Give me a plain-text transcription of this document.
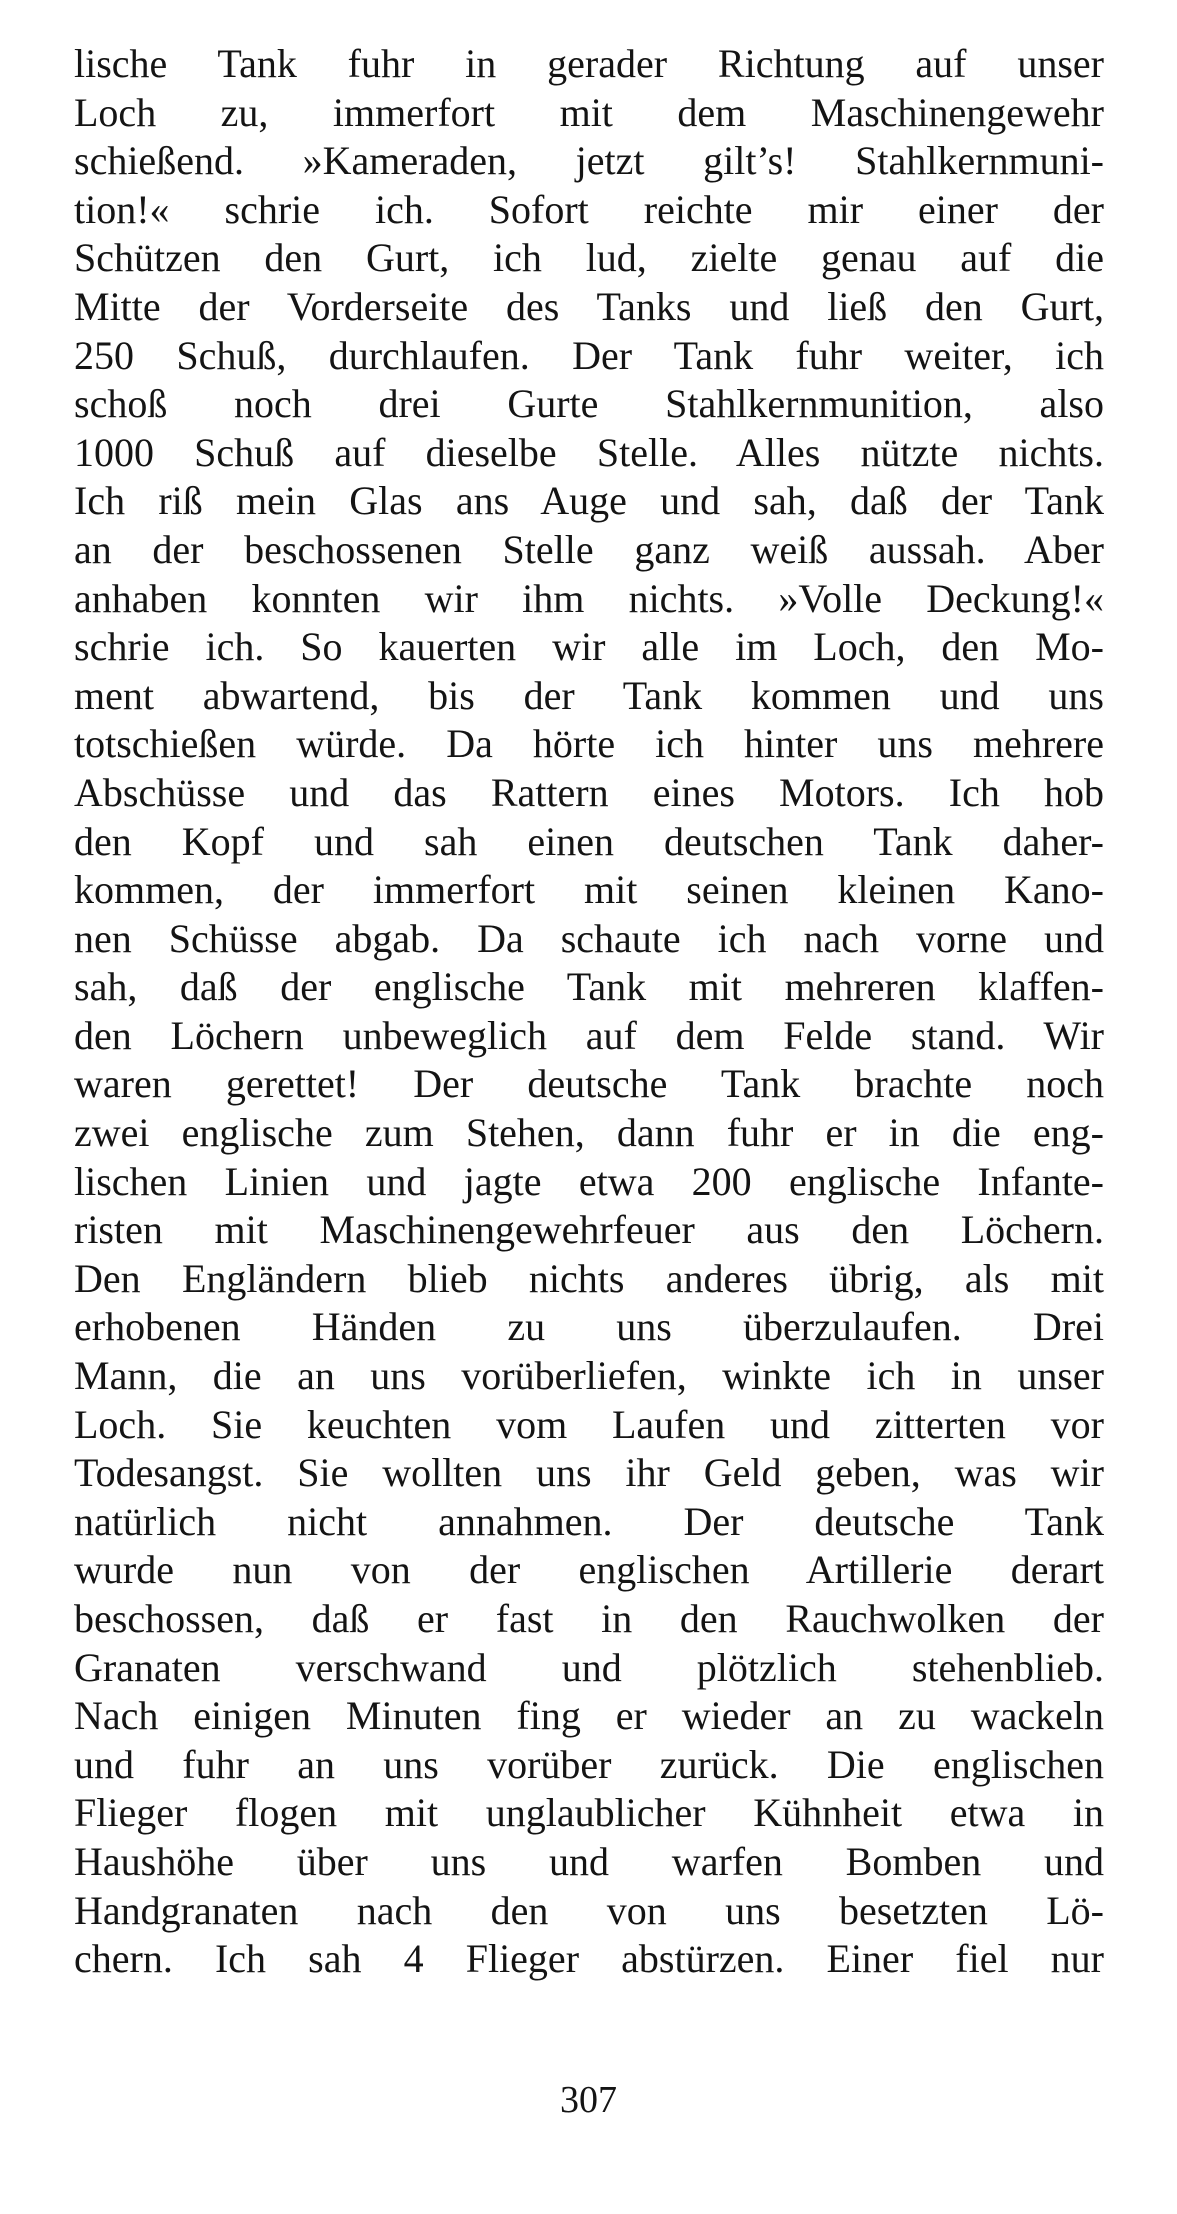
lische Tank fuhr in gerader Richtung auf unser
Loch zu, immerfort mit dem Maschinengewehr
schießend. »Kameraden, jetzt gilt’s! Stahlkernmuni-
tion!« schrie ich. Sofort reichte mir einer der
Schützen den Gurt, ich lud, zielte genau auf die
Mitte der Vorderseite des Tanks und ließ den Gurt,
250 Schuß, durchlaufen. Der Tank fuhr weiter, ich
schoß noch drei Gurte Stahlkernmunition, also
1000 Schuß auf dieselbe Stelle. Alles nützte nichts.
Ich riß mein Glas ans Auge und sah, daß der Tank
an der beschossenen Stelle ganz weiß aussah. Aber
anhaben konnten wir ihm nichts. »Volle Deckung!«
schrie ich. So kauerten wir alle im Loch, den Mo-
ment abwartend, bis der Tank kommen und uns
totschießen würde. Da hörte ich hinter uns mehrere
Abschüsse und das Rattern eines Motors. Ich hob
den Kopf und sah einen deutschen Tank daher-
kommen, der immerfort mit seinen kleinen Kano-
nen Schüsse abgab. Da schaute ich nach vorne und
sah, daß der englische Tank mit mehreren klaffen-
den Löchern unbeweglich auf dem Felde stand. Wir
waren gerettet! Der deutsche Tank brachte noch
zwei englische zum Stehen, dann fuhr er in die eng-
lischen Linien und jagte etwa 200 englische Infante-
risten mit Maschinengewehrfeuer aus den Löchern.
Den Engländern blieb nichts anderes übrig, als mit
erhobenen Händen zu uns überzulaufen. Drei
Mann, die an uns vorüberliefen, winkte ich in unser
Loch. Sie keuchten vom Laufen und zitterten vor
Todesangst. Sie wollten uns ihr Geld geben, was wir
natürlich nicht annahmen. Der deutsche Tank
wurde nun von der englischen Artillerie derart
beschossen, daß er fast in den Rauchwolken der
Granaten verschwand und plötzlich stehenblieb.
Nach einigen Minuten fing er wieder an zu wackeln
und fuhr an uns vorüber zurück. Die englischen
Flieger flogen mit unglaublicher Kühnheit etwa in
Haushöhe über uns und warfen Bomben und
Handgranaten nach den von uns besetzten Lö-
chern. Ich sah 4 Flieger abstürzen. Einer fiel nur
307
